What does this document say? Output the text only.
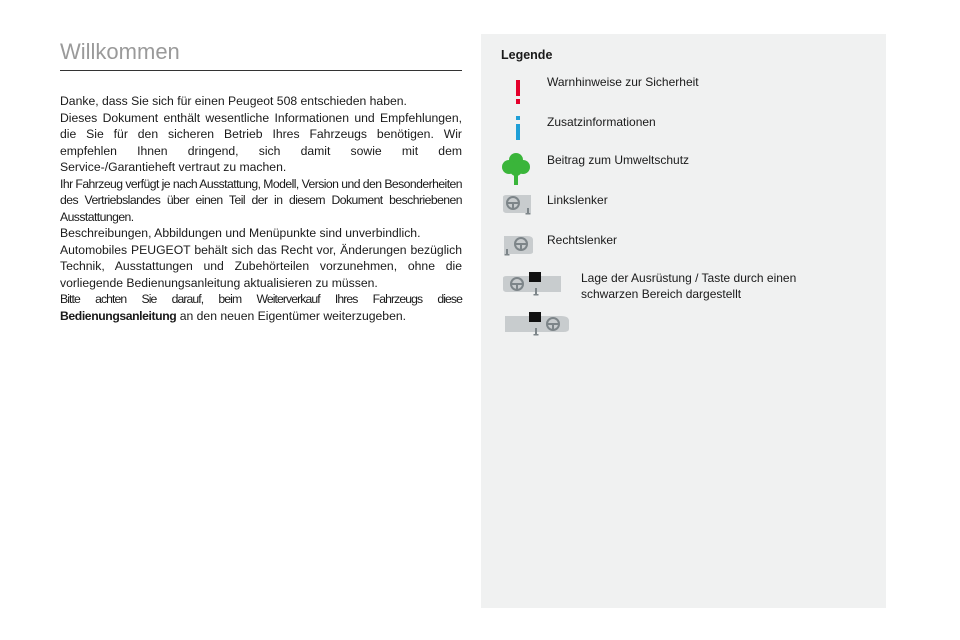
Willkommen

Danke, dass Sie sich für einen Peugeot 508 entschieden haben.

Dieses Dokument enthält wesentliche Informationen und Empfehlungen, die Sie für den sicheren Betrieb Ihres Fahrzeugs benötigen. Wir empfehlen Ihnen dringend, sich damit sowie mit dem Service-/Garantieheft vertraut zu machen.

Ihr Fahrzeug verfügt je nach Ausstattung, Modell, Version und den Besonderheiten des Vertriebslandes über einen Teil der in diesem Dokument beschriebenen Ausstattungen.

Beschreibungen, Abbildungen und Menüpunkte sind unverbindlich.

Automobiles PEUGEOT behält sich das Recht vor, Änderungen bezüglich Technik, Ausstattungen und Zubehörteilen vorzunehmen, ohne die vorliegende Bedienungsanleitung aktualisieren zu müssen.

Bitte achten Sie darauf, beim Weiterverkauf Ihres Fahrzeugs diese Bedienungsanleitung an den neuen Eigentümer weiterzugeben.

Legende
Warnhinweise zur Sicherheit
Zusatzinformationen
Beitrag zum Umweltschutz
Linkslenker
Rechtslenker
Lage der Ausrüstung / Taste durch einen
schwarzen Bereich dargestellt
